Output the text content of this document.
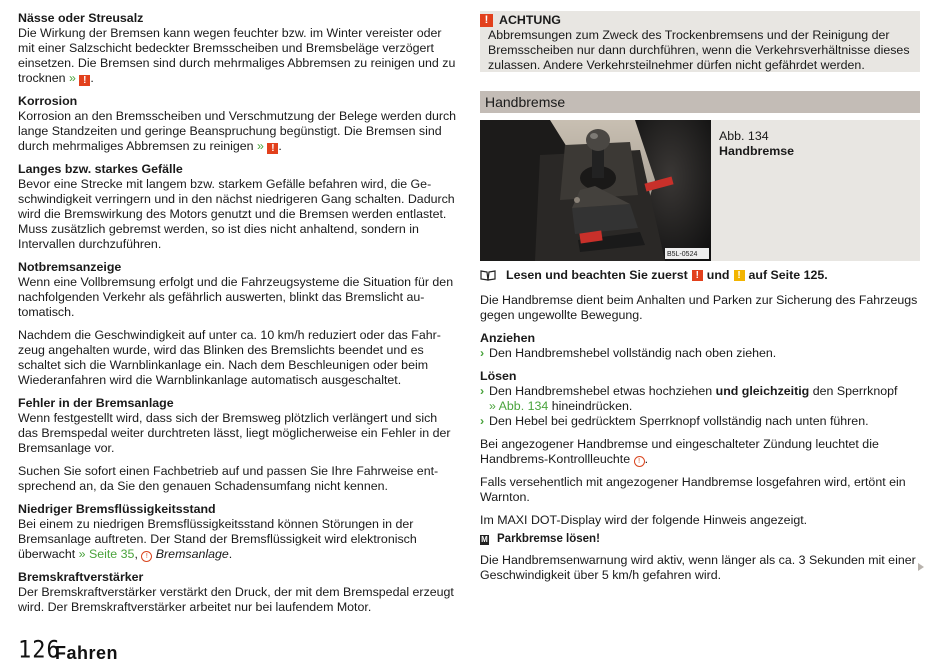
Nässe oder Streusalz
Die Wirkung der Bremsen kann wegen feuchter bzw. im Winter vereister oder mit einer Salzschicht bedeckter Bremsscheiben und Bremsbeläge verzögert einsetzen. Die Bremsen sind durch mehrmaliges Abbremsen zu reinigen und zu trocknen » ! .
Korrosion
Korrosion an den Bremsscheiben und Verschmutzung der Belege werden durch lange Standzeiten und geringe Beanspruchung begünstigt. Die Bremsen sind durch mehrmaliges Abbremsen zu reinigen » ! .
Langes bzw. starkes Gefälle
Bevor eine Strecke mit langem bzw. starkem Gefälle befahren wird, die Geschwindigkeit verringern und in den nächst niedrigeren Gang schalten. Dadurch wird die Bremswirkung des Motors genutzt und die Bremsen werden entlastet. Muss zusätzlich gebremst werden, so ist dies nicht anhaltend, sondern in Intervallen durchzuführen.
Notbremsanzeige

Wenn eine Vollbremsung erfolgt und die Fahrzeugsysteme die Situation für den nachfolgenden Verkehr als gefährlich auswerten, blinkt das Bremslicht automatisch.

Nachdem die Geschwindigkeit auf unter ca. 10 km/h reduziert oder das Fahrzeug angehalten wurde, wird das Blinken des Bremslichts beendet und es schaltet sich die Warnblinkanlage ein. Nach dem Beschleunigen oder beim Wiederanfahren wird die Warnblinkanlage automatisch ausgeschaltet.
Fehler in der Bremsanlage

Wenn festgestellt wird, dass sich der Bremsweg plötzlich verlängert und sich das Bremspedal weiter durchtreten lässt, liegt möglicherweise ein Fehler in der Bremsanlage vor.

Suchen Sie sofort einen Fachbetrieb auf und passen Sie Ihre Fahrweise entsprechend an, da Sie den genauen Schadensumfang nicht kennen.
Niedriger Bremsflüssigkeitsstand
Bei einem zu niedrigen Bremsflüssigkeitsstand können Störungen in der Bremsanlage auftreten. Der Stand der Bremsflüssigkeit wird elektronisch überwacht » Seite 35, ! Bremsanlage.
Bremskraftverstärker
Der Bremskraftverstärker verstärkt den Druck, der mit dem Bremspedal erzeugt wird. Der Bremskraftverstärker arbeitet nur bei laufendem Motor.
! ACHTUNG
Abbremsungen zum Zweck des Trockenbremsens und der Reinigung der Bremsscheiben nur dann durchführen, wenn die Verkehrsverhältnisse dieses zulassen. Andere Verkehrsteilnehmer dürfen nicht gefährdet werden.
Handbremse
B5L-0524
Abb. 134
Handbremse
Lesen und beachten Sie zuerst ! und ! auf Seite 125.

Die Handbremse dient beim Anhalten und Parken zur Sicherung des Fahrzeugs gegen ungewollte Bewegung.

Anziehen
› Den Handbremshebel vollständig nach oben ziehen.
Lösen
› Den Handbremshebel etwas hochziehen und gleichzeitig den Sperrknopf
» Abb. 134 hineindrücken.
› Den Hebel bei gedrücktem Sperrknopf vollständig nach unten führen.

Bei angezogener Handbremse und eingeschalteter Zündung leuchtet die Handbrems-Kontrollleuchte ! .

Falls versehentlich mit angezogener Handbremse losgefahren wird, ertönt ein Warnton.

Im MAXI DOT-Display wird der folgende Hinweis angezeigt.

M Parkbremse lösen!

Die Handbremsenwarnung wird aktiv, wenn länger als ca. 3 Sekunden mit einer Geschwindigkeit über 5 km/h gefahren wird.

126
Fahren
